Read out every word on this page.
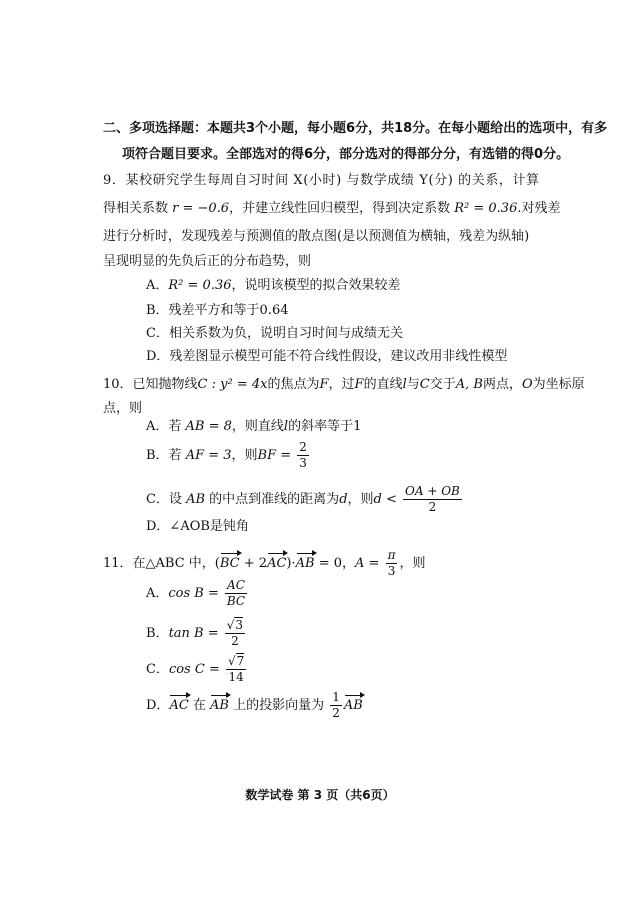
二、多项选择题：本题共3个小题，每小题6分，共18分。在每小题给出的选项中，有多
项符合题目要求。全部选对的得6分，部分选对的得部分分，有选错的得0分。
9．某校研究学生每周自习时间 X(小时) 与数学成绩 Y(分) 的关系，计算
得相关系数 r = −0.6，并建立线性回归模型，得到决定系数 R² = 0.36.对残差
进行分析时，发现残差与预测值的散点图(是以预测值为横轴，残差为纵轴)
呈现明显的先负后正的分布趋势，则
A．R² = 0.36，说明该模型的拟合效果较差
B．残差平方和等于0.64
C．相关系数为负，说明自习时间与成绩无关
D．残差图显示模型可能不符合线性假设，建议改用非线性模型
10．已知抛物线C : y² = 4x的焦点为F，过F的直线l与C交于A, B两点，O为坐标原
点，则
A．若 AB = 8，则直线l的斜率等于1
B．若 AF = 3，则BF = $\frac{2}{3}$
C．设 AB 的中点到准线的距离为d，则$d < \frac{OA + OB}{2}$
D．∠AOB是钝角
11．在△ABC 中，(BC + 2AC)·AB = 0，$A = \frac{\pi}{3}$ ，则
A．$\cos B = \frac{AC}{BC}$
B．$\tan B = \frac{√3}{2}$
C．$\cos C = \frac{√7}{14}$
D．AC 在 AB 上的投影向量为 $\frac{1}{2}$ AB
数学试卷 第 3 页（共6页）
